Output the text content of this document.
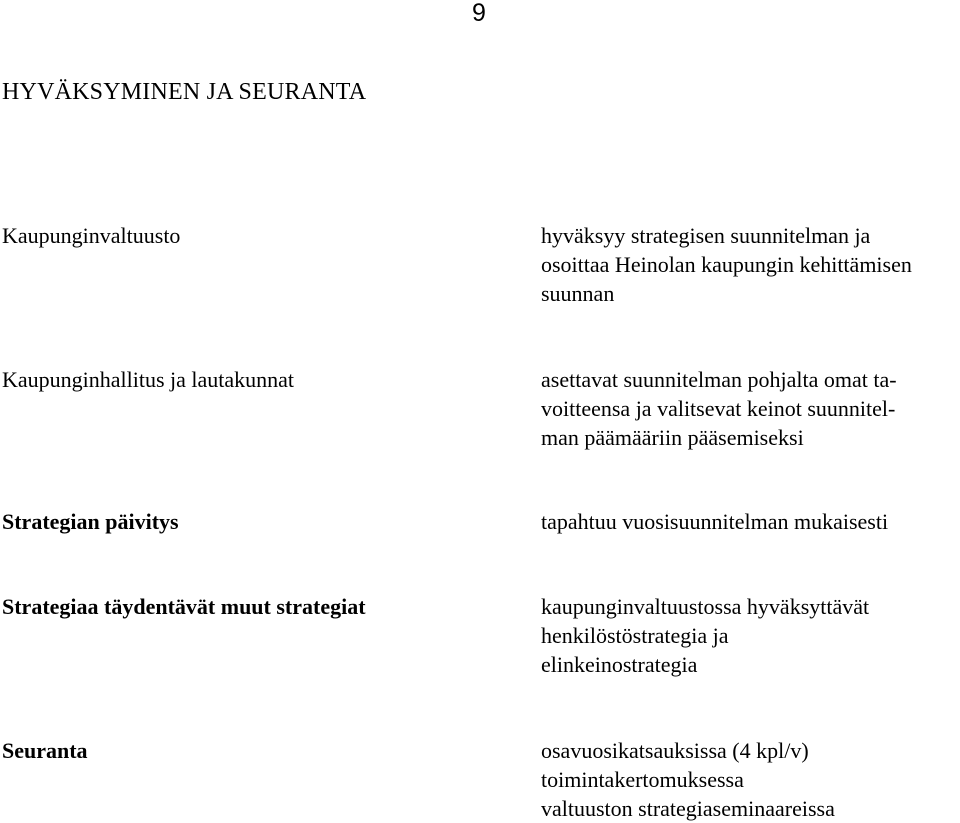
9
HYVÄKSYMINEN JA SEURANTA
Kaupunginvaltuusto	hyväksyy strategisen suunnitelman ja
osoittaa Heinolan kaupungin kehittämisen
suunnan
Kaupunginhallitus ja lautakunnat	asettavat suunnitelman pohjalta omat ta-
voitteensa ja valitsevat keinot suunnitel-
man päämääriin pääsemiseksi
Strategian päivitys	tapahtuu vuosisuunnitelman mukaisesti
Strategiaa täydentävät muut strategiat	kaupunginvaltuustossa hyväksyttävät
henkilöstöstrategia ja
elinkeinostrategia
Seuranta	osavuosikatsauksissa (4 kpl/v)
toimintakertomuksessa
valtuuston strategiaseminaareissa
